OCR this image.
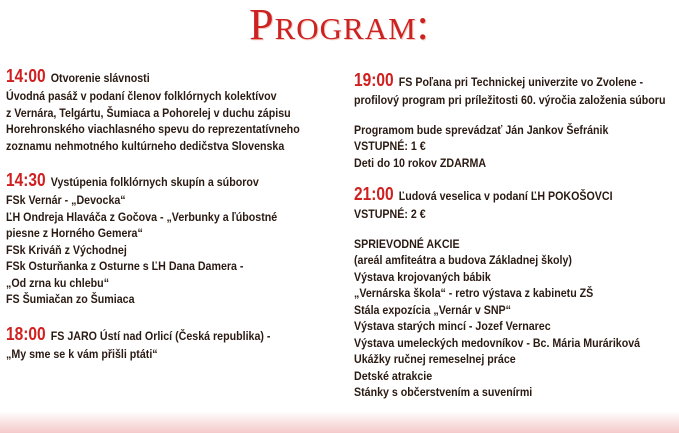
Program:
14:00 Otvorenie slávnosti
Úvodná pasáž v podaní členov folklórnych kolektívov
z Vernára, Telgártu, Šumiaca a Pohorelej v duchu zápisu
Horehronského viachlasného spevu do reprezentatívneho
zoznamu nehmotného kultúrneho dedičstva Slovenska
14:30 Vystúpenia folklórnych skupín a súborov
FSk Vernár - „Devocka“
ĽH Ondreja Hlaváča z Gočova - „Verbunky a ľúbostné
piesne z Horného Gemera“
FSk Kriváň z Východnej
FSk Osturňanka z Osturne s ĽH Dana Damera -
„Od zrna ku chlebu“
FS Šumiačan zo Šumiaca
18:00 FS JARO Ústí nad Orlicí (Česká republika) -
„My sme se k vám přišli ptáti“
19:00 FS Poľana pri Technickej univerzite vo Zvolene -
profilový program pri príležitosti 60. výročia založenia súboru
Programom bude sprevádzať Ján Jankov Šefránik
VSTUPNÉ: 1 €
Deti do 10 rokov ZDARMA
21:00 Ľudová veselica v podaní ĽH POKOŠOVCI
VSTUPNÉ: 2 €
SPRIEVODNÉ AKCIE
(areál amfiteátra a budova Základnej školy)
Výstava krojovaných bábik
„Vernárska škola“ - retro výstava z kabinetu ZŠ
Stála expozícia „Vernár v SNP“
Výstava starých mincí - Jozef Vernarec
Výstava umeleckých medovníkov - Bc. Mária Muráriková
Ukážky ručnej remeselnej práce
Detské atrakcie
Stánky s občerstvením a suvenírmi
